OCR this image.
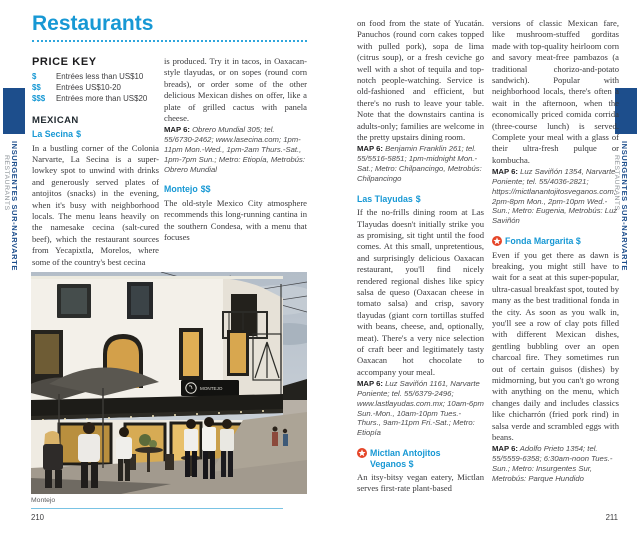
INSURGENTES SUR-NARVARTE
RESTAURANTS	INSURGENTES SUR-NARVARTE
RESTAURANTS
Restaurants
PRICE KEY
$	Entrées less than US$10
$$	Entrées US$10-20
$$$	Entrées more than US$20
MEXICAN
La Secina $

In a bustling corner of the Colonia Narvarte, La Secina is a super-lowkey spot to unwind with drinks and generously served plates of antojitos (snacks) in the evening, when it's busy with neighborhood locals. The menu leans heavily on the namesake cecina (salt-cured beef), which the restaurant sources from Yecapixtla, Morelos, where some of the country's best cecina

is produced. Try it in tacos, in Oaxacan-style tlayudas, or on sopes (round corn breads), or order some of the other delicious Mexican dishes on offer, like a plate of grilled cactus with panela cheese.

MAP 6: Obrero Mundial 305; tel. 55/6730-2462; www.lasecina.com; 1pm-11pm Mon.-Wed., 1pm-2am Thurs.-Sat., 1pm-7pm Sun.; Metro: Etiopía, Metrobús: Obrero Mundial

Montejo $$

The old-style Mexico City atmosphere recommends this long-running cantina in the southern Condesa, with a menu that focuses

MONTEJO
Montejo
210

on food from the state of Yucatán. Panuchos (round corn cakes topped with pulled pork), sopa de lima (citrus soup), or a fresh ceviche go well with a shot of tequila and top-notch people-watching. Service is old-fashioned and efficient, but there's no rush to leave your table. Note that the downstairs cantina is adults-only; families are welcome in the pretty upstairs dining room.

MAP 6: Benjamin Franklin 261; tel. 55/5516-5851; 1pm-midnight Mon.-Sat.; Metro: Chilpancingo, Metrobús: Chilpancingo

Las Tlayudas $

If the no-frills dining room at Las Tlayudas doesn't initially strike you as promising, sit tight until the food comes. At this small, unpretentious, and surprisingly delicious Oaxacan restaurant, you'll find nicely rendered regional dishes like spicy salsa de queso (Oaxacan cheese in tomato salsa) and crisp, savory tlayudas (giant corn tortillas stuffed with beans, cheese, and, optionally, meat). There's a very nice selection of craft beer and legitimately tasty Oaxacan hot chocolate to accompany your meal.

MAP 6: Luz Saviñón 1161, Narvarte Poniente; tel. 55/6379-2496; www.lastlayudas.com.mx; 10am-6pm Sun.-Mon., 10am-10pm Tues.-Thurs., 9am-11pm Fri.-Sat.; Metro: Etiopía

Mictlan Antojitos
Veganos $

An itsy-bitsy vegan eatery, Mictlan serves first-rate plant-based

versions of classic Mexican fare, like mushroom-stuffed gorditas made with top-quality heirloom corn and savory meat-free pambazos (a traditional chorizo-and-potato sandwich). Popular with neighborhood locals, there's often a wait in the afternoon, when the economically priced comida corrida (three-course lunch) is served. Complete your meal with a glass of their ultra-fresh pulque or kombucha.

MAP 6: Luz Saviñón 1354, Narvarte Poniente; tel. 55/4036-2821; https://mictlanantojitosveganos.com; 2pm-8pm Mon., 2pm-10pm Wed.-Sun.; Metro: Eugenia, Metrobús: Luz Saviñón

Fonda Margarita $

Even if you get there as dawn is breaking, you might still have to wait for a seat at this super-popular, ultra-casual breakfast spot, touted by many as the best traditional fonda in the city. As soon as you walk in, you'll see a row of clay pots filled with different Mexican dishes, gentling bubbling over an open charcoal fire. They sometimes run out of certain guisos (dishes) by midmorning, but you can't go wrong with anything on the menu, which changes daily and includes classics like chicharrón (fried pork rind) in salsa verde and scrambled eggs with beans.

MAP 6: Adolfo Prieto 1354; tel. 55/5559-6358; 6:30am-noon Tues.-Sun.; Metro: Insurgentes Sur, Metrobús: Parque Hundido

211
